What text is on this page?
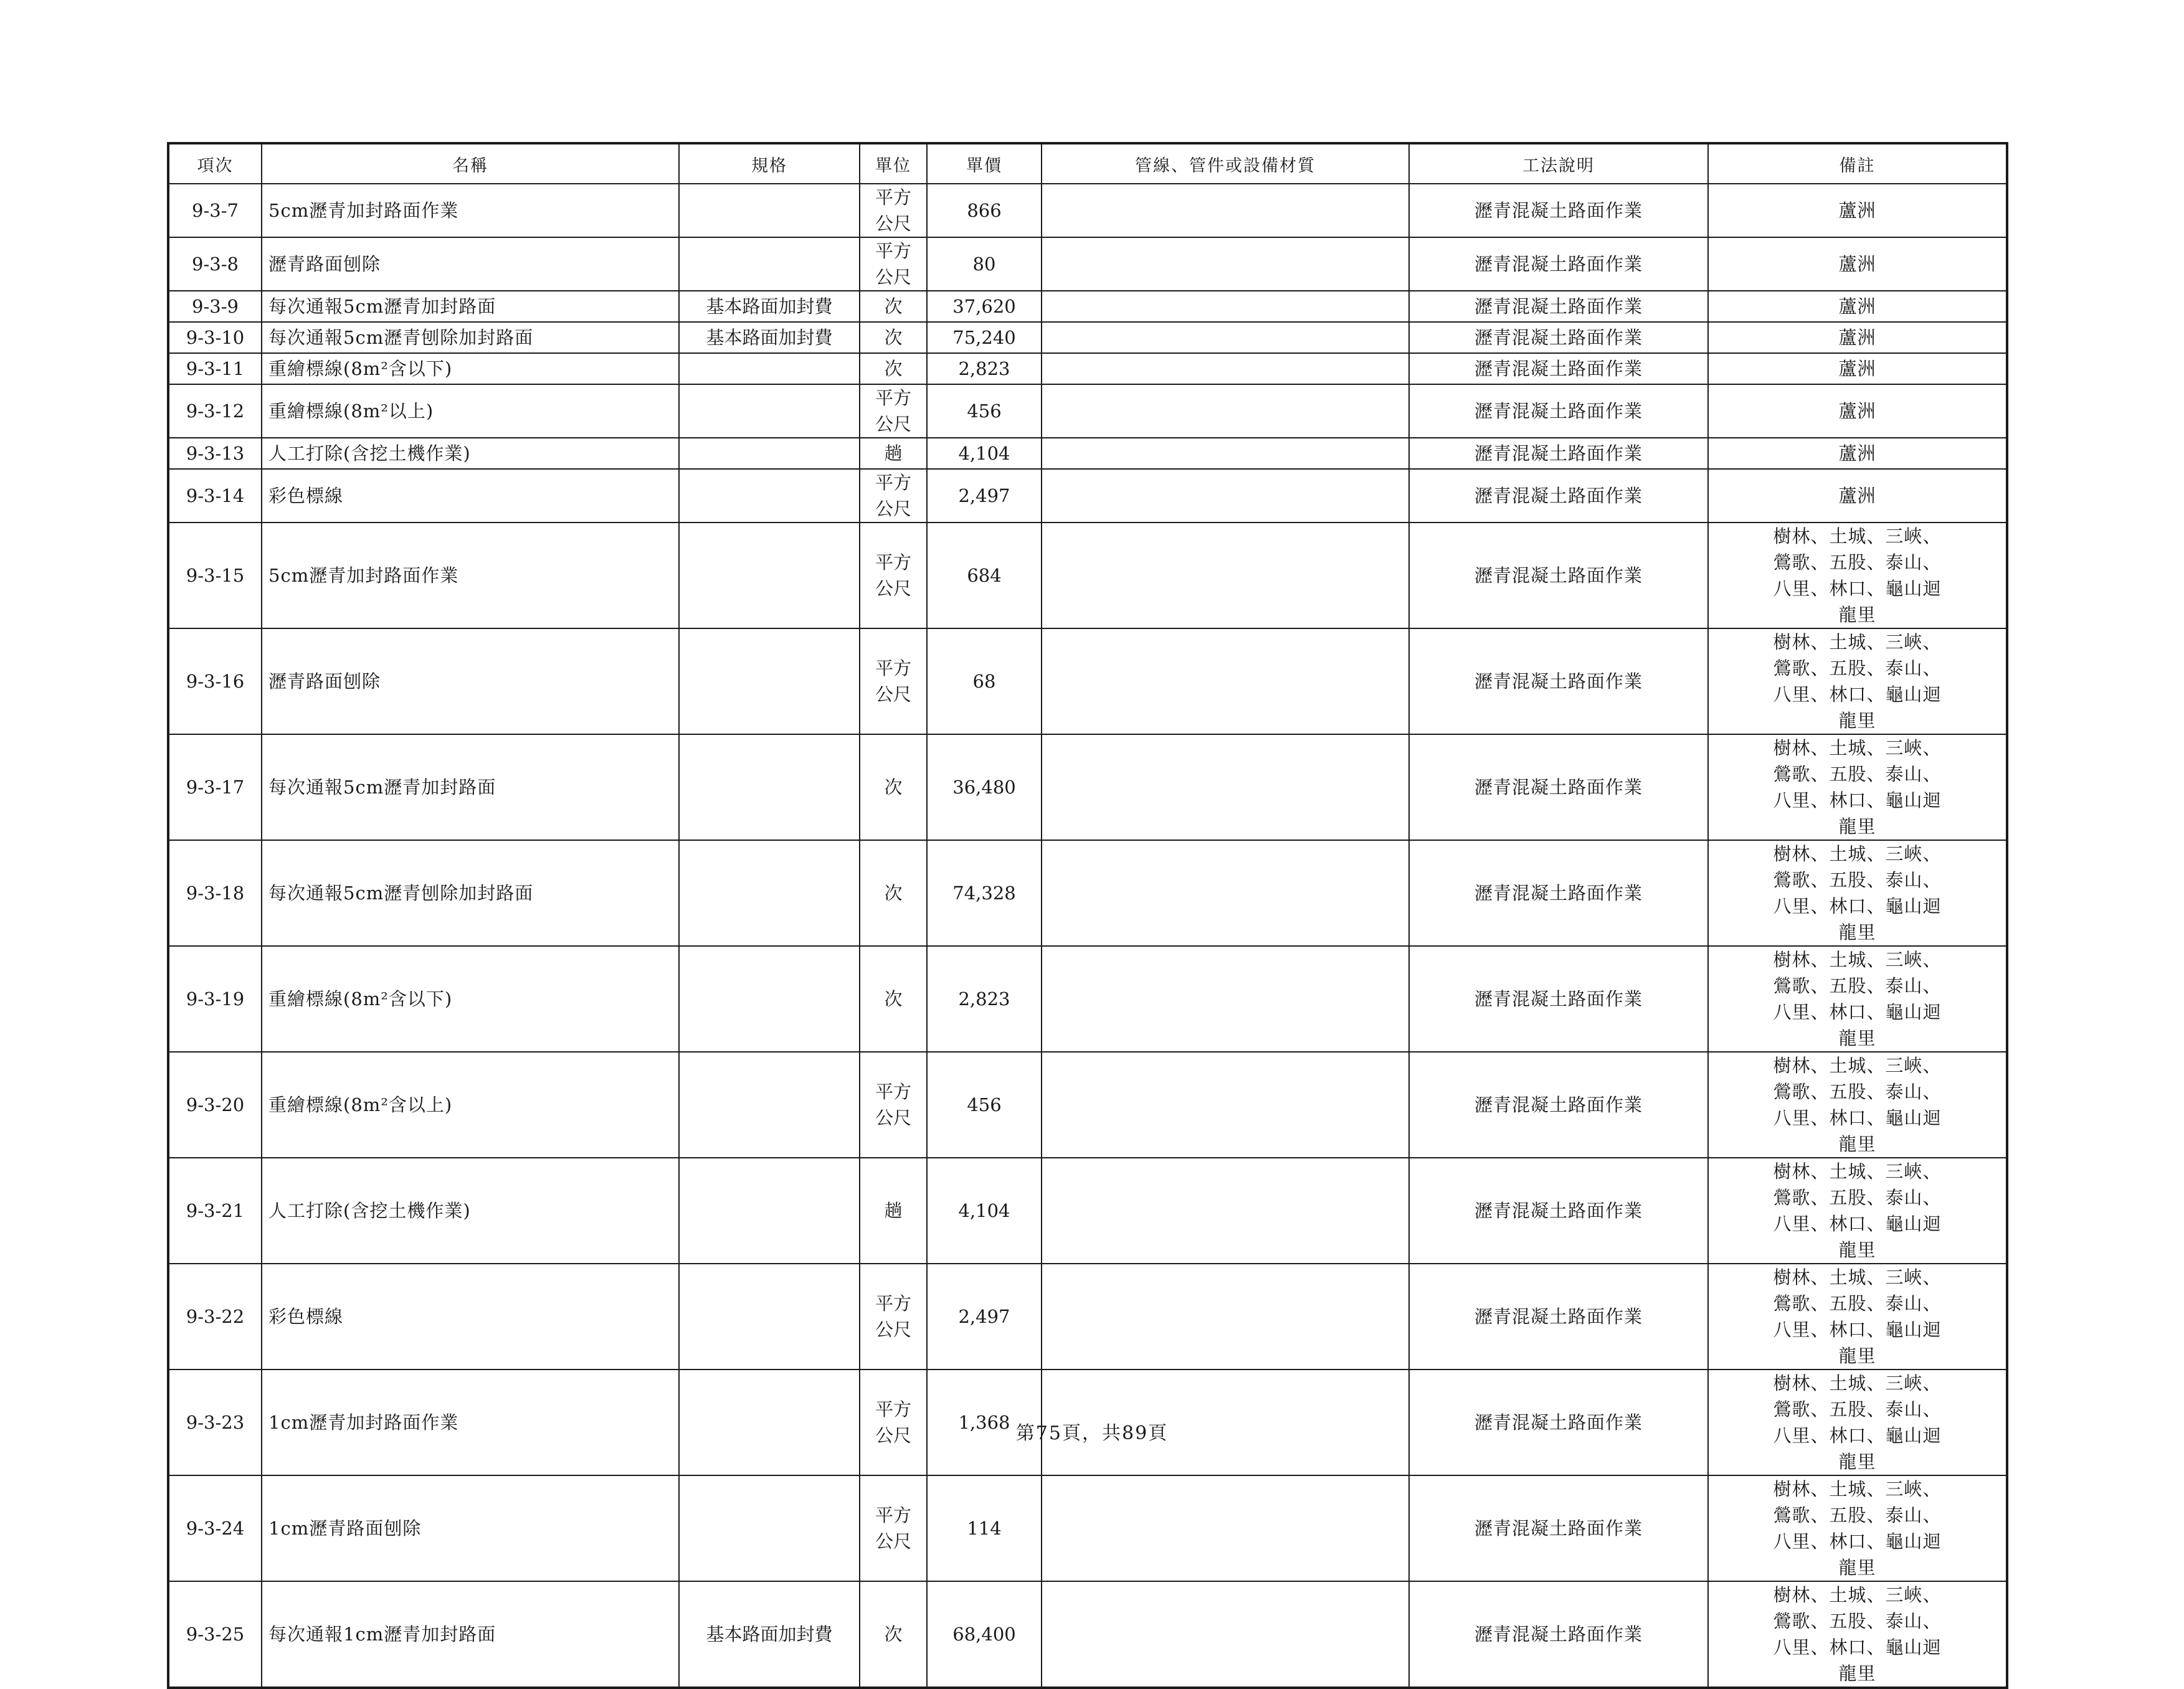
項次	名稱	規格	單位	單價	管線、管件或設備材質	工法說明	備註
9-3-7	5cm瀝青加封路面作業		平方公尺	866		瀝青混凝土路面作業	蘆洲
9-3-8	瀝青路面刨除		平方公尺	80		瀝青混凝土路面作業	蘆洲
9-3-9	每次通報5cm瀝青加封路面	基本路面加封費	次	37,620		瀝青混凝土路面作業	蘆洲
9-3-10	每次通報5cm瀝青刨除加封路面	基本路面加封費	次	75,240		瀝青混凝土路面作業	蘆洲
9-3-11	重繪標線(8m²含以下)		次	2,823		瀝青混凝土路面作業	蘆洲
9-3-12	重繪標線(8m²以上)		平方公尺	456		瀝青混凝土路面作業	蘆洲
9-3-13	人工打除(含挖土機作業)		趟	4,104		瀝青混凝土路面作業	蘆洲
9-3-14	彩色標線		平方公尺	2,497		瀝青混凝土路面作業	蘆洲
9-3-15	5cm瀝青加封路面作業		平方公尺	684		瀝青混凝土路面作業	樹林、土城、三峽、鶯歌、五股、泰山、八里、林口、龜山迴龍里
9-3-16	瀝青路面刨除		平方公尺	68		瀝青混凝土路面作業	樹林、土城、三峽、鶯歌、五股、泰山、八里、林口、龜山迴龍里
9-3-17	每次通報5cm瀝青加封路面		次	36,480		瀝青混凝土路面作業	樹林、土城、三峽、鶯歌、五股、泰山、八里、林口、龜山迴龍里
9-3-18	每次通報5cm瀝青刨除加封路面		次	74,328		瀝青混凝土路面作業	樹林、土城、三峽、鶯歌、五股、泰山、八里、林口、龜山迴龍里
9-3-19	重繪標線(8m²含以下)		次	2,823		瀝青混凝土路面作業	樹林、土城、三峽、鶯歌、五股、泰山、八里、林口、龜山迴龍里
9-3-20	重繪標線(8m²含以上)		平方公尺	456		瀝青混凝土路面作業	樹林、土城、三峽、鶯歌、五股、泰山、八里、林口、龜山迴龍里
9-3-21	人工打除(含挖土機作業)		趟	4,104		瀝青混凝土路面作業	樹林、土城、三峽、鶯歌、五股、泰山、八里、林口、龜山迴龍里
9-3-22	彩色標線		平方公尺	2,497		瀝青混凝土路面作業	樹林、土城、三峽、鶯歌、五股、泰山、八里、林口、龜山迴龍里
9-3-23	1cm瀝青加封路面作業		平方公尺	1,368		瀝青混凝土路面作業	樹林、土城、三峽、鶯歌、五股、泰山、八里、林口、龜山迴龍里
9-3-24	1cm瀝青路面刨除		平方公尺	114		瀝青混凝土路面作業	樹林、土城、三峽、鶯歌、五股、泰山、八里、林口、龜山迴龍里
9-3-25	每次通報1cm瀝青加封路面	基本路面加封費	次	68,400		瀝青混凝土路面作業	樹林、土城、三峽、鶯歌、五股、泰山、八里、林口、龜山迴龍里
第75頁，共89頁
